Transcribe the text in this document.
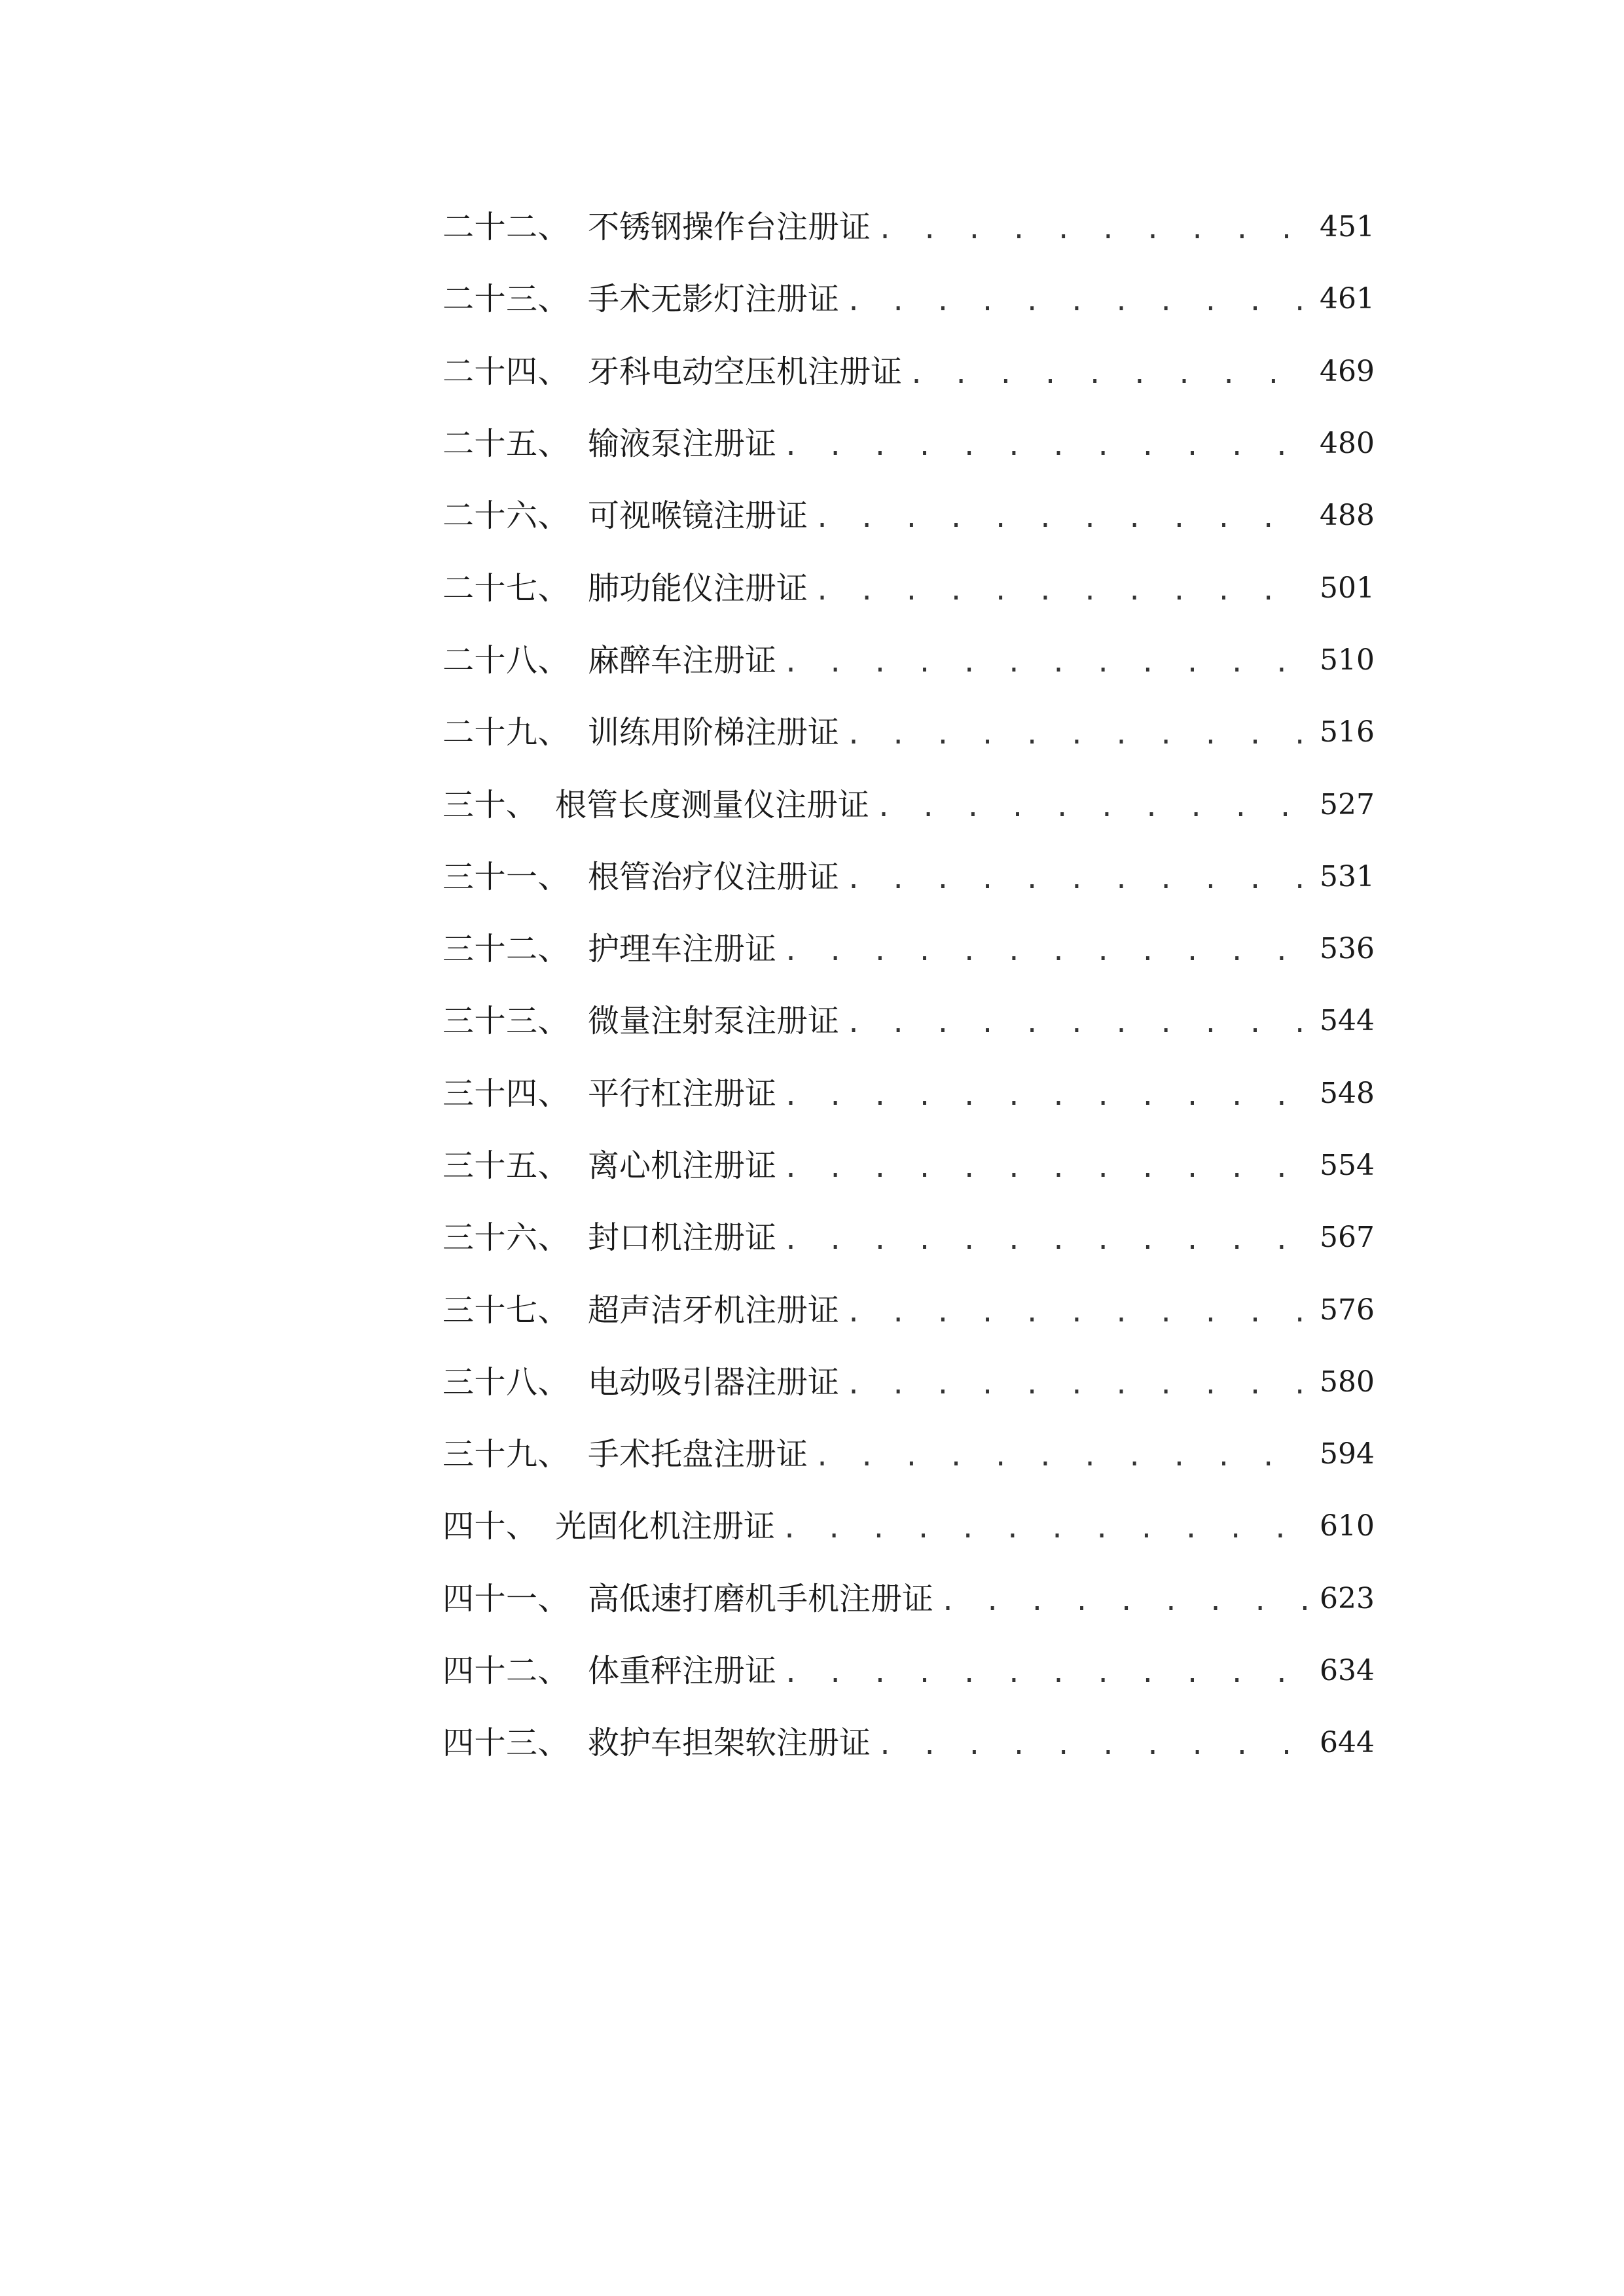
二十二、 不锈钢操作台注册证 . . .	451
二十三、 手术无影灯注册证 . . .	461
二十四、 牙科电动空压机注册证 . . .	469
二十五、 输液泵注册证 . . .	480
二十六、 可视喉镜注册证 . . .	488
二十七、 肺功能仪注册证 . . .	501
二十八、 麻醉车注册证 . . .	510
二十九、 训练用阶梯注册证 . . .	516
三十、 根管长度测量仪注册证 . . .	527
三十一、 根管治疗仪注册证 . . .	531
三十二、 护理车注册证 . . .	536
三十三、 微量注射泵注册证 . . .	544
三十四、 平行杠注册证 . . .	548
三十五、 离心机注册证 . . .	554
三十六、 封口机注册证 . . .	567
三十七、 超声洁牙机注册证 . . .	576
三十八、 电动吸引器注册证 . . .	580
三十九、 手术托盘注册证 . . .	594
四十、 光固化机注册证 . . .	610
四十一、 高低速打磨机手机注册证 . . .	623
四十二、 体重秤注册证 . . .	634
四十三、 救护车担架软注册证 . . .	644
